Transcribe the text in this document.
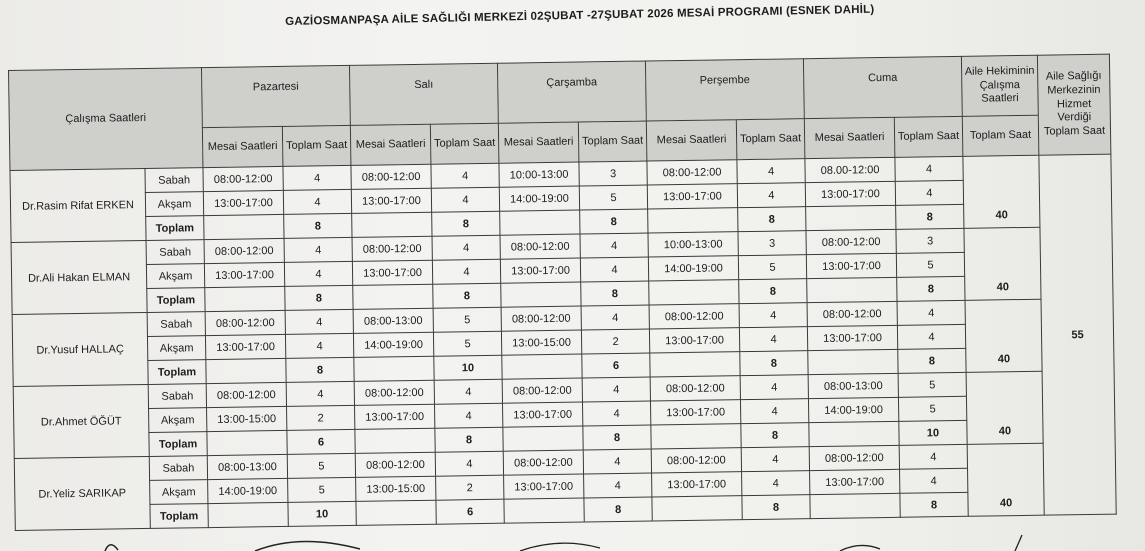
GAZİOSMANPAŞA AİLE SAĞLIĞI MERKEZİ 02ŞUBAT -27ŞUBAT 2026 MESAİ PROGRAMI (ESNEK DAHİL)
Çalışma Saatleri		Pazartesi		Salı		Çarşamba		Perşembe		Cuma		Aile Hekiminin Çalışma Saatleri	Aile Sağlığı Merkezinin Hizmet Verdiği Toplam Saat
		Mesai Saatleri	Toplam Saat	Mesai Saatleri	Toplam Saat	Mesai Saatleri	Toplam Saat	Mesai Saatleri	Toplam Saat	Mesai Saatleri	Toplam Saat	Toplam Saat	
Dr.Rasim Rifat ERKEN	Sabah	08:00-12:00	4	08:00-12:00	4	10:00-13:00	3	08:00-12:00	4	08.00-12:00	4	40	55
	Akşam	13:00-17:00	4	13:00-17:00	4	14:00-19:00	5	13:00-17:00	4	13:00-17:00	4		
	Toplam		8		8		8		8		8		
Dr.Ali Hakan ELMAN	Sabah	08:00-12:00	4	08:00-12:00	4	08:00-12:00	4	10:00-13:00	3	08:00-12:00	3	40	
	Akşam	13:00-17:00	4	13:00-17:00	4	13:00-17:00	4	14:00-19:00	5	13:00-17:00	5		
	Toplam		8		8		8		8		8		
Dr.Yusuf HALLAÇ	Sabah	08:00-12:00	4	08:00-13:00	5	08:00-12:00	4	08:00-12:00	4	08:00-12:00	4	40	
	Akşam	13:00-17:00	4	14:00-19:00	5	13:00-15:00	2	13:00-17:00	4	13:00-17:00	4		
	Toplam		8		10		6		8		8		
Dr.Ahmet ÖĞÜT	Sabah	08:00-12:00	4	08:00-12:00	4	08:00-12:00	4	08:00-12:00	4	08:00-13:00	5	40	
	Akşam	13:00-15:00	2	13:00-17:00	4	13:00-17:00	4	13:00-17:00	4	14:00-19:00	5		
	Toplam		6		8		8		8		10		
Dr.Yeliz SARIKAP	Sabah	08:00-13:00	5	08:00-12:00	4	08:00-12:00	4	08:00-12:00	4	08:00-12:00	4	40	
	Akşam	14:00-19:00	5	13:00-15:00	2	13:00-17:00	4	13:00-17:00	4	13:00-17:00	4		
	Toplam		10		6		8		8		8		
